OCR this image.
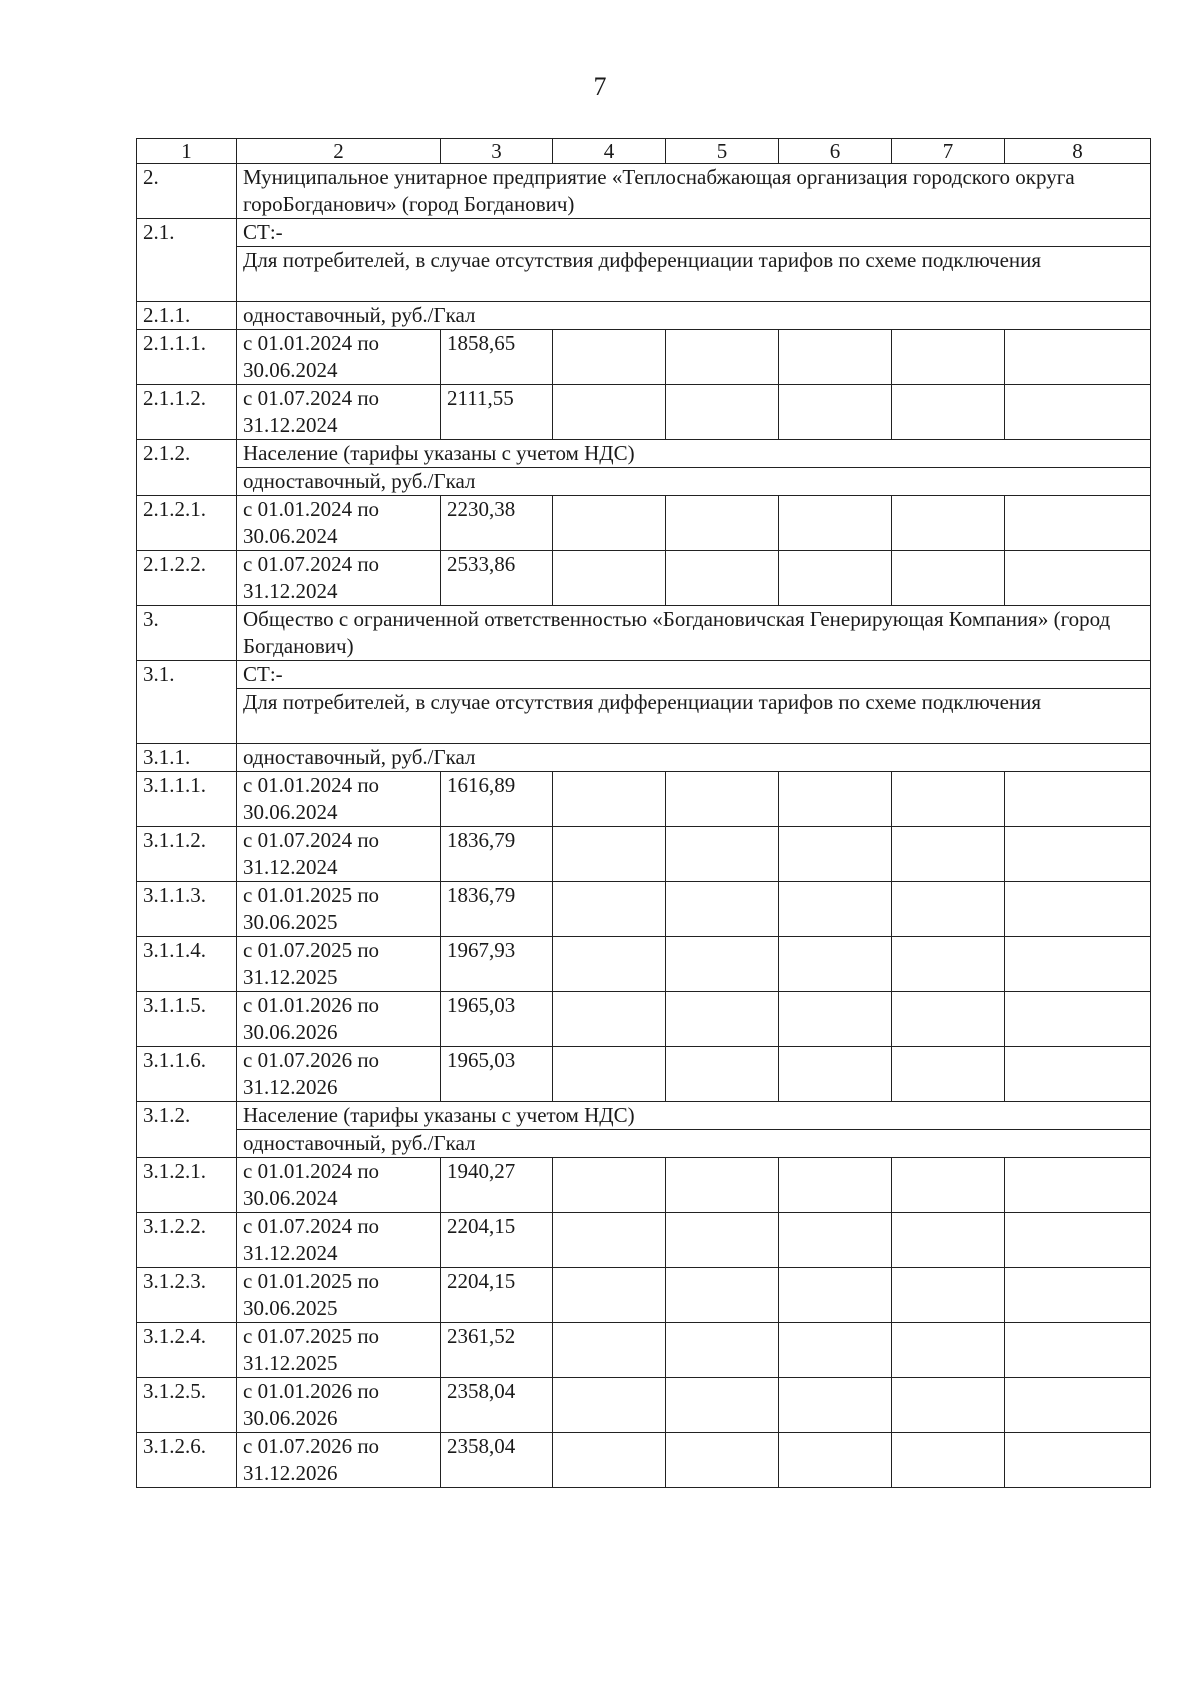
7
1	2	3	4	5	6	7	8
2.	Муниципальное унитарное предприятие «Теплоснабжающая организация городского округа гороБогданович» (город Богданович)						
2.1.	СТ:-						
	Для потребителей, в случае отсутствия дифференциации тарифов по схеме подключения						
2.1.1.	одноставочный, руб./Гкал						
2.1.1.1.	с 01.01.2024 по 30.06.2024	1858,65					
2.1.1.2.	с 01.07.2024 по 31.12.2024	2111,55					
2.1.2.	Население (тарифы указаны с учетом НДС)						
	одноставочный, руб./Гкал						
2.1.2.1.	с 01.01.2024 по 30.06.2024	2230,38					
2.1.2.2.	с 01.07.2024 по 31.12.2024	2533,86					
3.	Общество с ограниченной ответственностью «Богдановичская Генерирующая Компания» (город Богданович)						
3.1.	СТ:-						
	Для потребителей, в случае отсутствия дифференциации тарифов по схеме подключения						
3.1.1.	одноставочный, руб./Гкал						
3.1.1.1.	с 01.01.2024 по 30.06.2024	1616,89					
3.1.1.2.	с 01.07.2024 по 31.12.2024	1836,79					
3.1.1.3.	с 01.01.2025 по 30.06.2025	1836,79					
3.1.1.4.	с 01.07.2025 по 31.12.2025	1967,93					
3.1.1.5.	с 01.01.2026 по 30.06.2026	1965,03					
3.1.1.6.	с 01.07.2026 по 31.12.2026	1965,03					
3.1.2.	Население (тарифы указаны с учетом НДС)						
	одноставочный, руб./Гкал						
3.1.2.1.	с 01.01.2024 по 30.06.2024	1940,27					
3.1.2.2.	с 01.07.2024 по 31.12.2024	2204,15					
3.1.2.3.	с 01.01.2025 по 30.06.2025	2204,15					
3.1.2.4.	с 01.07.2025 по 31.12.2025	2361,52					
3.1.2.5.	с 01.01.2026 по 30.06.2026	2358,04					
3.1.2.6.	с 01.07.2026 по 31.12.2026	2358,04					
